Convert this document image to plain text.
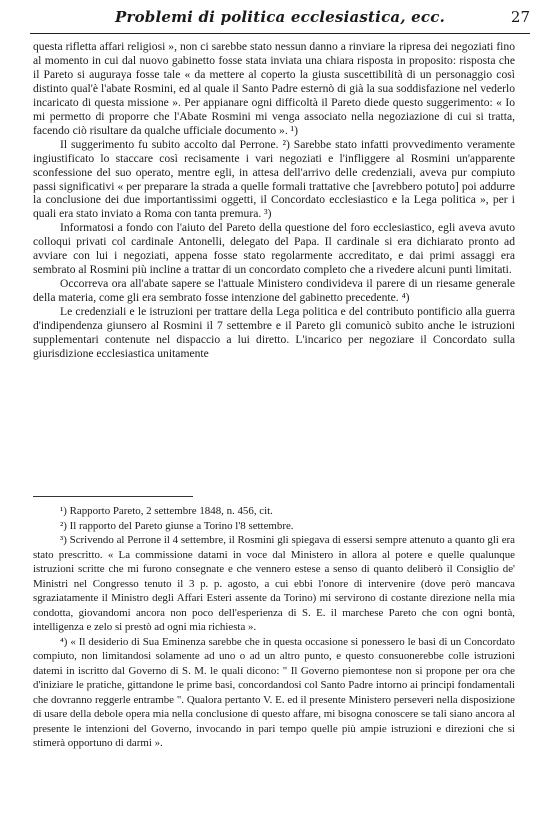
Problemi di politica ecclesiastica, ecc.	27

questa rifletta affari religiosi », non ci sarebbe stato nessun danno a rinviare la ripresa dei negoziati fino al momento in cui dal nuovo gabinetto fosse stata inviata una chiara risposta in proposito: risposta che il Pareto si auguraya fosse tale « da mettere al coperto la giusta suscettibilità di un personaggio così distinto qual'è l'abate Rosmini, ed al quale il Santo Padre esternò di già la sua soddisfazione nel vederlo incaricato di questa missione ». Per appianare ogni difficoltà il Pareto diede questo suggerimento: « Io mi permetto di proporre che l'Abate Rosmini mi venga associato nella negoziazione di cui si tratta, facendo ciò risultare da qualche ufficiale documento ». ¹)

Il suggerimento fu subito accolto dal Perrone. ²) Sarebbe stato infatti provvedimento veramente ingiustificato lo staccare così recisamente i vari negoziati e l'infliggere al Rosmini un'apparente sconfessione del suo operato, mentre egli, in attesa dell'arrivo delle credenziali, aveva pur compiuto passi significativi « per preparare la strada a quelle formali trattative che [avrebbero potuto] poi addurre la conclusione dei due importantissimi oggetti, il Concordato ecclesiastico e la Lega politica », per i quali era stato inviato a Roma con tanta premura. ³)

Informatosi a fondo con l'aiuto del Pareto della questione del foro ecclesiastico, egli aveva avuto colloqui privati col cardinale Antonelli, delegato del Papa. Il cardinale si era dichiarato pronto ad avviare con lui i negoziati, appena fosse stato regolarmente accreditato, e dai primi assaggi era sembrato al Rosmini più incline a trattar di un concordato completo che a rivedere alcuni punti limitati.

Occorreva ora all'abate sapere se l'attuale Ministero condivideva il parere di un riesame generale della materia, come gli era sembrato fosse intenzione del gabinetto precedente. ⁴)

Le credenziali e le istruzioni per trattare della Lega politica e del contributo pontificio alla guerra d'indipendenza giunsero al Rosmini il 7 settembre e il Pareto gli comunicò subito anche le istruzioni supplementari contenute nel dispaccio a lui diretto. L'incarico per negoziare il Concordato sulla giurisdizione ecclesiastica unitamente

¹) Rapporto Pareto, 2 settembre 1848, n. 456, cit.

²) Il rapporto del Pareto giunse a Torino l'8 settembre.

³) Scrivendo al Perrone il 4 settembre, il Rosmini gli spiegava di essersi sempre attenuto a quanto gli era stato prescritto. « La commissione datami in voce dal Ministero in allora al potere e quelle qualunque istruzioni scritte che mi furono consegnate e che vennero estese a senso di quanto deliberò il Consiglio de' Ministri nel Congresso tenuto il 3 p. p. agosto, a cui ebbi l'onore di intervenire (dove però mancava sgraziatamente il Ministro degli Affari Esteri assente da Torino) mi servirono di costante direzione nella mia condotta, giovandomi ancora non poco dell'esperienza di S. E. il marchese Pareto che con ogni bontà, intelligenza e zelo si prestò ad ogni mia richiesta ».

⁴) « Il desiderio di Sua Eminenza sarebbe che in questa occasione si ponessero le basi di un Concordato compiuto, non limitandosi solamente ad uno o ad un altro punto, e questo consuonerebbe colle istruzioni datemi in iscritto dal Governo di S. M. le quali dicono: " Il Governo piemontese non si propone per ora che d'iniziare le pratiche, gittandone le prime basi, concordandosi col Santo Padre intorno ai principi fondamentali che dovranno reggerle entrambe ". Qualora pertanto V. E. ed il presente Ministero perseveri nella disposizione di usare della debole opera mia nella conclusione di questo affare, mi bisogna conoscere se tali siano ancora al presente le intenzioni del Governo, invocando in pari tempo quelle più ampie istruzioni e direzioni che si stimerà opportuno di darmi ».
